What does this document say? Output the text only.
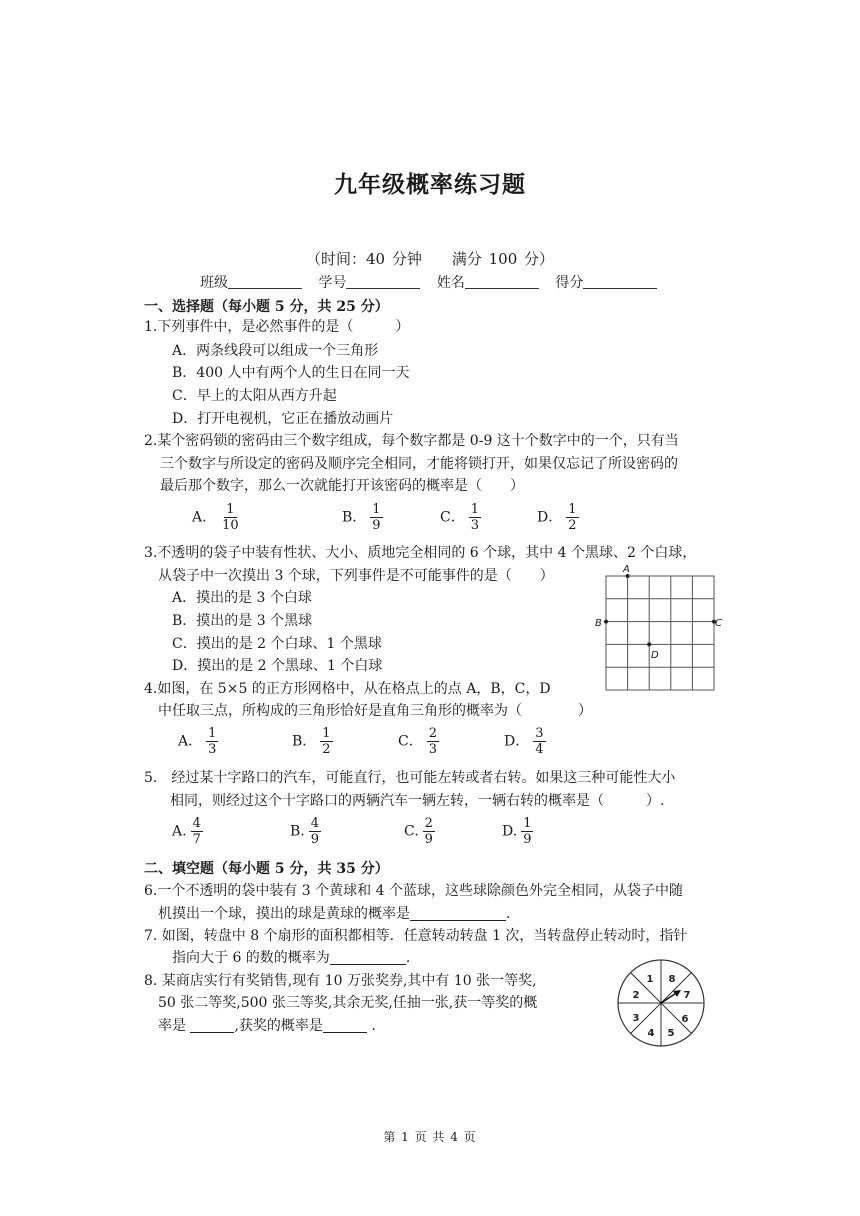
九年级概率练习题
（时间：40 分钟　　满分 100 分）
班级	学号	姓名	得分
一、选择题（每小题 5 分，共 25 分）
1.下列事件中，是必然事件的是（　　　）
A．两条线段可以组成一个三角形
B．400 人中有两个人的生日在同一天
C．早上的太阳从西方升起
D．打开电视机，它正在播放动画片
2.某个密码锁的密码由三个数字组成，每个数字都是 0-9 这十个数字中的一个，只有当
三个数字与所设定的密码及顺序完全相同，才能将锁打开，如果仅忘记了所设密码的
最后那个数字，那么一次就能打开该密码的概率是（　　）
A． $\frac{1}{10}$	B． $\frac{1}{9}$	C． $\frac{1}{3}$	D． $\frac{1}{2}$
3.不透明的袋子中装有性状、大小、质地完全相同的 6 个球，其中 4 个黑球、2 个白球，
从袋子中一次摸出 3 个球，下列事件是不可能事件的是（　　）
A．摸出的是 3 个白球
B．摸出的是 3 个黑球
C．摸出的是 2 个白球、1 个黑球
D．摸出的是 2 个黑球、1 个白球
A
B	C
D
4.如图，在 5×5 的正方形网格中，从在格点上的点 A，B，C，D
中任取三点，所构成的三角形恰好是直角三角形的概率为（　　　　）
A． $\frac{1}{3}$	B． $\frac{1}{2}$	C． $\frac{2}{3}$	D． $\frac{3}{4}$
5.　经过某十字路口的汽车，可能直行，也可能左转或者右转。如果这三种可能性大小
相同，则经过这个十字路口的两辆汽车一辆左转，一辆右转的概率是（　　　）.
A. $\frac{4}{7}$	B. $\frac{4}{9}$	C. $\frac{2}{9}$	D. $\frac{1}{9}$
二、填空题（每小题 5 分，共 35 分）
6.一个不透明的袋中装有 3 个黄球和 4 个蓝球，这些球除颜色外完全相同，从袋子中随
机摸出一个球，摸出的球是黄球的概率是	.
7. 如图，转盘中 8 个扇形的面积都相等．任意转动转盘 1 次，当转盘停止转动时，指针
指向大于 6 的数的概率为	.
8. 某商店实行有奖销售,现有 10 万张奖券,其中有 10 张一等奖,
50 张二等奖,500 张三等奖,其余无奖,任抽一张,获一等奖的概
率是	,获奖的概率是	.
1 8
7
6
5
4
3
2
第 1 页 共 4 页
